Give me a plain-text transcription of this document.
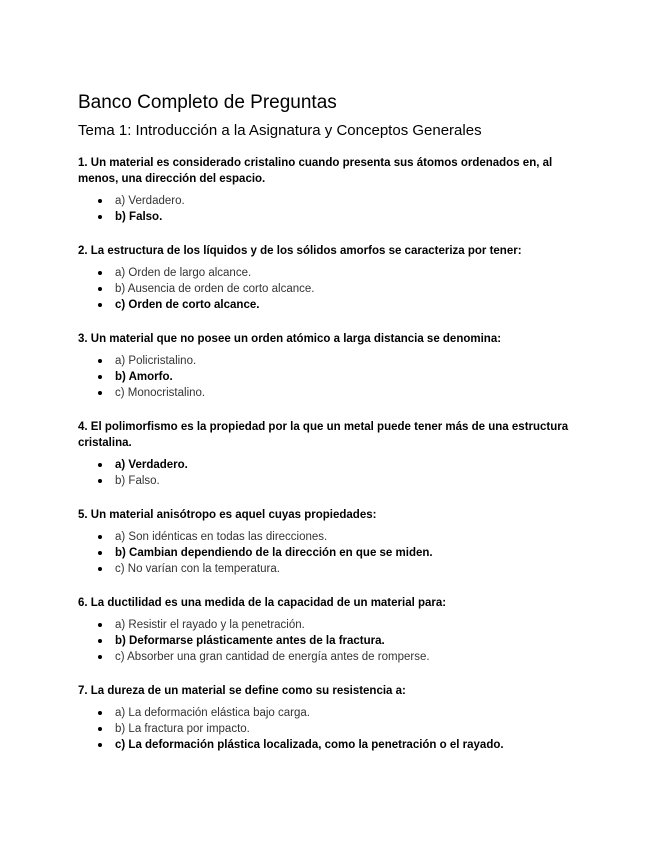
Banco Completo de Preguntas
Tema 1: Introducción a la Asignatura y Conceptos Generales

1. Un material es considerado cristalino cuando presenta sus átomos ordenados en, al menos, una dirección del espacio.

a) Verdadero.
b) Falso.

2. La estructura de los líquidos y de los sólidos amorfos se caracteriza por tener:

a) Orden de largo alcance.
b) Ausencia de orden de corto alcance.
c) Orden de corto alcance.

3. Un material que no posee un orden atómico a larga distancia se denomina:

a) Policristalino.
b) Amorfo.
c) Monocristalino.

4. El polimorfismo es la propiedad por la que un metal puede tener más de una estructura cristalina.

a) Verdadero.
b) Falso.

5. Un material anisótropo es aquel cuyas propiedades:

a) Son idénticas en todas las direcciones.
b) Cambian dependiendo de la dirección en que se miden.
c) No varían con la temperatura.

6. La ductilidad es una medida de la capacidad de un material para:

a) Resistir el rayado y la penetración.
b) Deformarse plásticamente antes de la fractura.
c) Absorber una gran cantidad de energía antes de romperse.

7. La dureza de un material se define como su resistencia a:

a) La deformación elástica bajo carga.
b) La fractura por impacto.
c) La deformación plástica localizada, como la penetración o el rayado.
